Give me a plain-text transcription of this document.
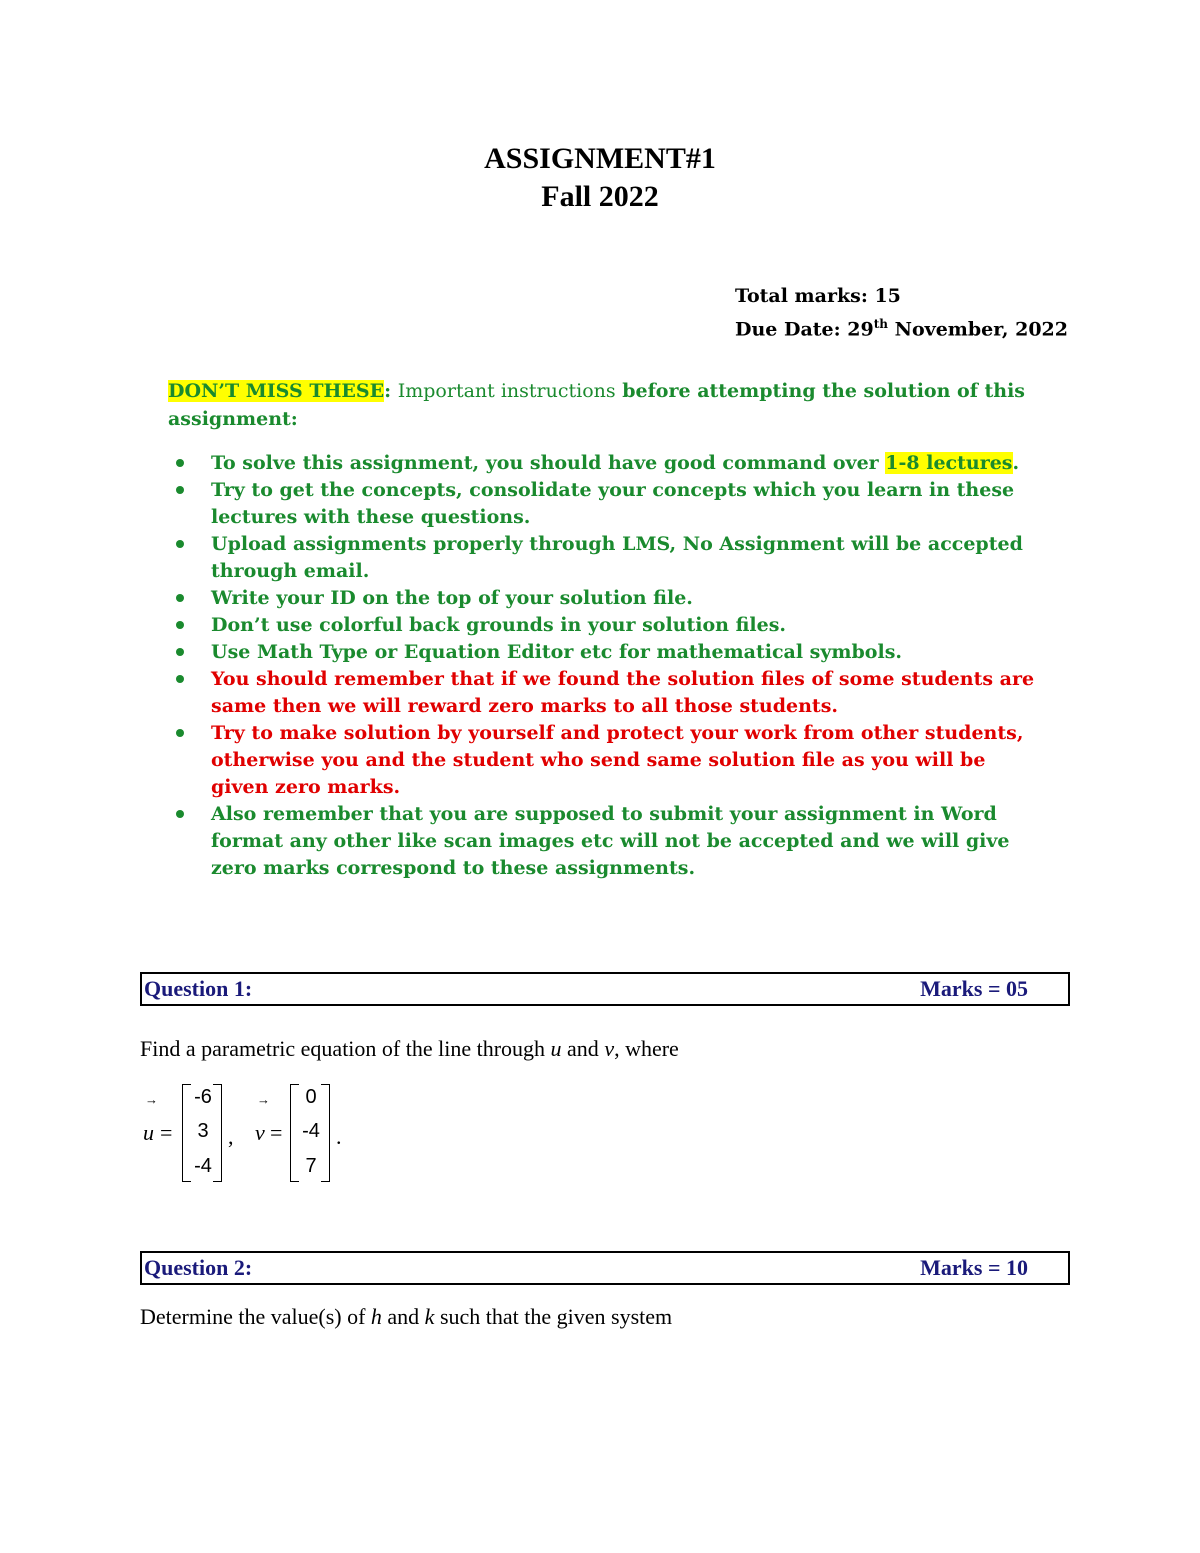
ASSIGNMENT#1
Fall 2022
Total marks: 15
Due Date: 29th November, 2022
DON’T MISS THESE: Important instructions before attempting the solution of this assignment:
To solve this assignment, you should have good command over 1-8 lectures.
Try to get the concepts, consolidate your concepts which you learn in these lectures with these questions.
Upload assignments properly through LMS, No Assignment will be accepted through email.
Write your ID on the top of your solution file.
Don’t use colorful back grounds in your solution files.
Use Math Type or Equation Editor etc for mathematical symbols.
You should remember that if we found the solution files of some students are same then we will reward zero marks to all those students.
Try to make solution by yourself and protect your work from other students, otherwise you and the student who send same solution file as you will be given zero marks.
Also remember that you are supposed to submit your assignment in Word format any other like scan images etc will not be accepted and we will give zero marks correspond to these assignments.
Question 1:	Marks = 05
Find a parametric equation of the line through u and v, where
→
u =
-6
3
-4
,
→
v =
0
-4
7
.
Question 2:	Marks = 10
Determine the value(s) of h and k such that the given system
